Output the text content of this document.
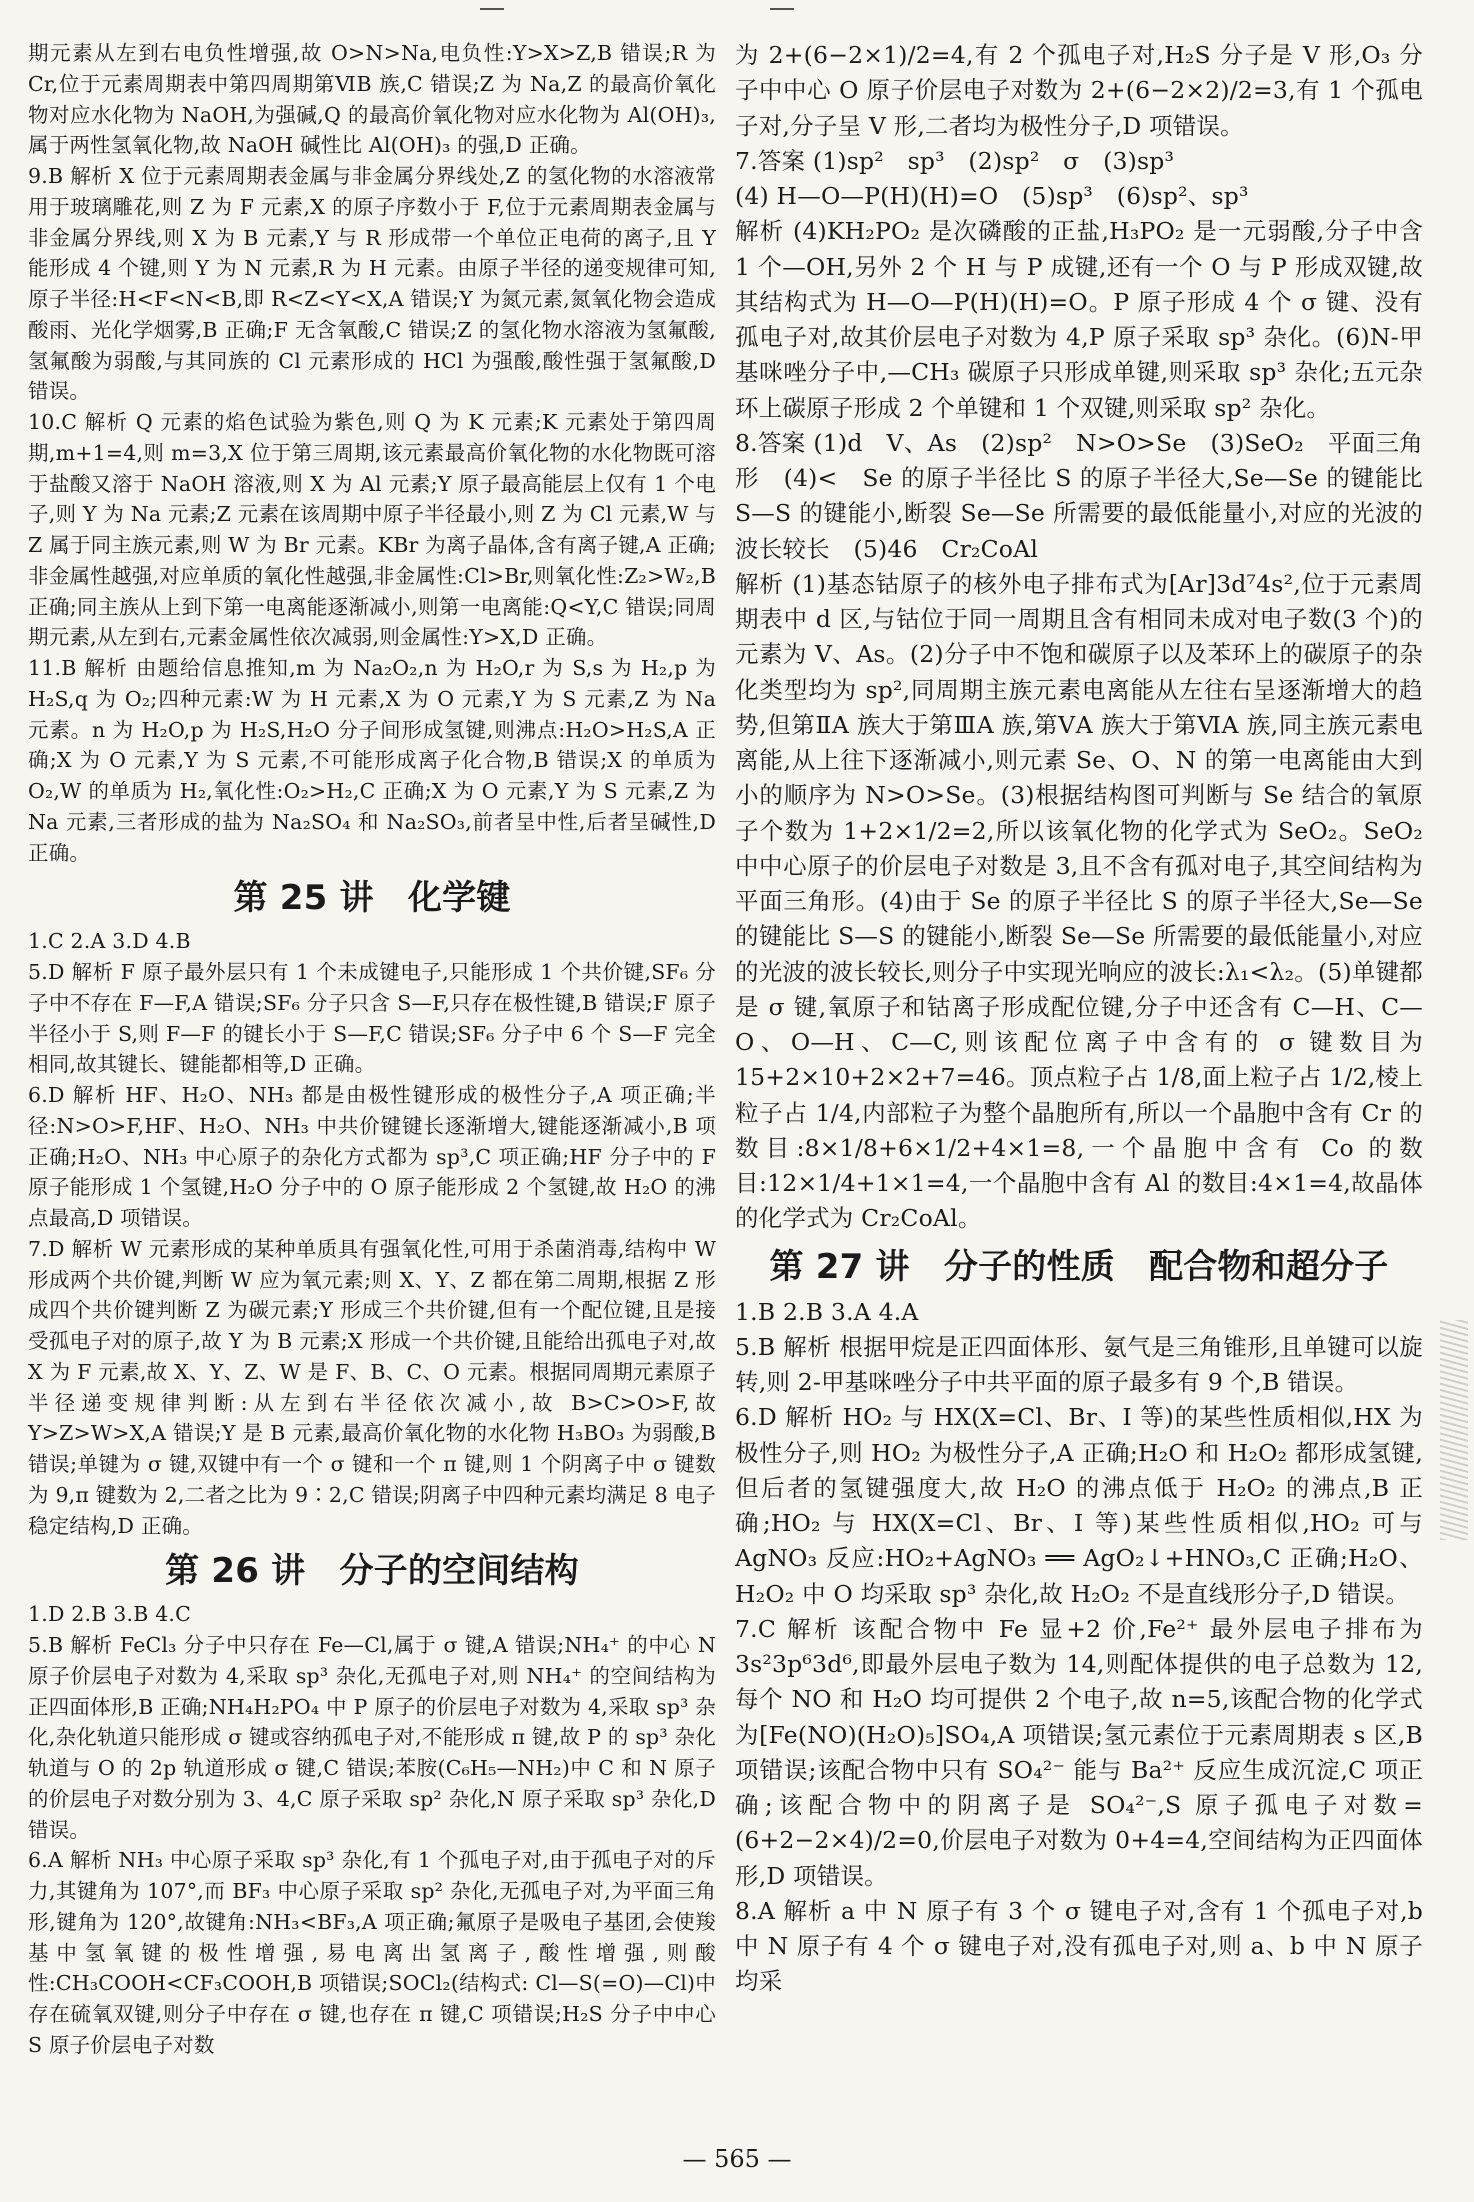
期元素从左到右电负性增强,故 O>N>Na,电负性:Y>X>Z,B 错误;R 为 Cr,位于元素周期表中第四周期第ⅥB 族,C 错误;Z 为 Na,Z 的最高价氧化物对应水化物为 NaOH,为强碱,Q 的最高价氧化物对应水化物为 Al(OH)₃,属于两性氢氧化物,故 NaOH 碱性比 Al(OH)₃ 的强,D 正确。

9.B 解析 X 位于元素周期表金属与非金属分界线处,Z 的氢化物的水溶液常用于玻璃雕花,则 Z 为 F 元素,X 的原子序数小于 F,位于元素周期表金属与非金属分界线,则 X 为 B 元素,Y 与 R 形成带一个单位正电荷的离子,且 Y 能形成 4 个键,则 Y 为 N 元素,R 为 H 元素。由原子半径的递变规律可知,原子半径:H<F<N<B,即 R<Z<Y<X,A 错误;Y 为氮元素,氮氧化物会造成酸雨、光化学烟雾,B 正确;F 无含氧酸,C 错误;Z 的氢化物水溶液为氢氟酸,氢氟酸为弱酸,与其同族的 Cl 元素形成的 HCl 为强酸,酸性强于氢氟酸,D 错误。

10.C 解析 Q 元素的焰色试验为紫色,则 Q 为 K 元素;K 元素处于第四周期,m+1=4,则 m=3,X 位于第三周期,该元素最高价氧化物的水化物既可溶于盐酸又溶于 NaOH 溶液,则 X 为 Al 元素;Y 原子最高能层上仅有 1 个电子,则 Y 为 Na 元素;Z 元素在该周期中原子半径最小,则 Z 为 Cl 元素,W 与 Z 属于同主族元素,则 W 为 Br 元素。KBr 为离子晶体,含有离子键,A 正确;非金属性越强,对应单质的氧化性越强,非金属性:Cl>Br,则氧化性:Z₂>W₂,B 正确;同主族从上到下第一电离能逐渐减小,则第一电离能:Q<Y,C 错误;同周期元素,从左到右,元素金属性依次减弱,则金属性:Y>X,D 正确。

11.B 解析 由题给信息推知,m 为 Na₂O₂,n 为 H₂O,r 为 S,s 为 H₂,p 为 H₂S,q 为 O₂;四种元素:W 为 H 元素,X 为 O 元素,Y 为 S 元素,Z 为 Na 元素。n 为 H₂O,p 为 H₂S,H₂O 分子间形成氢键,则沸点:H₂O>H₂S,A 正确;X 为 O 元素,Y 为 S 元素,不可能形成离子化合物,B 错误;X 的单质为 O₂,W 的单质为 H₂,氧化性:O₂>H₂,C 正确;X 为 O 元素,Y 为 S 元素,Z 为 Na 元素,三者形成的盐为 Na₂SO₄ 和 Na₂SO₃,前者呈中性,后者呈碱性,D 正确。

第 25 讲　化学键

1.C 2.A 3.D 4.B

5.D 解析 F 原子最外层只有 1 个未成键电子,只能形成 1 个共价键,SF₆ 分子中不存在 F—F,A 错误;SF₆ 分子只含 S—F,只存在极性键,B 错误;F 原子半径小于 S,则 F—F 的键长小于 S—F,C 错误;SF₆ 分子中 6 个 S—F 完全相同,故其键长、键能都相等,D 正确。

6.D 解析 HF、H₂O、NH₃ 都是由极性键形成的极性分子,A 项正确;半径:N>O>F,HF、H₂O、NH₃ 中共价键键长逐渐增大,键能逐渐减小,B 项正确;H₂O、NH₃ 中心原子的杂化方式都为 sp³,C 项正确;HF 分子中的 F 原子能形成 1 个氢键,H₂O 分子中的 O 原子能形成 2 个氢键,故 H₂O 的沸点最高,D 项错误。

7.D 解析 W 元素形成的某种单质具有强氧化性,可用于杀菌消毒,结构中 W 形成两个共价键,判断 W 应为氧元素;则 X、Y、Z 都在第二周期,根据 Z 形成四个共价键判断 Z 为碳元素;Y 形成三个共价键,但有一个配位键,且是接受孤电子对的原子,故 Y 为 B 元素;X 形成一个共价键,且能给出孤电子对,故 X 为 F 元素,故 X、Y、Z、W 是 F、B、C、O 元素。根据同周期元素原子半径递变规律判断:从左到右半径依次减小,故 B>C>O>F,故 Y>Z>W>X,A 错误;Y 是 B 元素,最高价氧化物的水化物 H₃BO₃ 为弱酸,B 错误;单键为 σ 键,双键中有一个 σ 键和一个 π 键,则 1 个阴离子中 σ 键数为 9,π 键数为 2,二者之比为 9∶2,C 错误;阴离子中四种元素均满足 8 电子稳定结构,D 正确。

第 26 讲　分子的空间结构

1.D 2.B 3.B 4.C

5.B 解析 FeCl₃ 分子中只存在 Fe—Cl,属于 σ 键,A 错误;NH₄⁺ 的中心 N 原子价层电子对数为 4,采取 sp³ 杂化,无孤电子对,则 NH₄⁺ 的空间结构为正四面体形,B 正确;NH₄H₂PO₄ 中 P 原子的价层电子对数为 4,采取 sp³ 杂化,杂化轨道只能形成 σ 键或容纳孤电子对,不能形成 π 键,故 P 的 sp³ 杂化轨道与 O 的 2p 轨道形成 σ 键,C 错误;苯胺(C₆H₅—NH₂)中 C 和 N 原子的价层电子对数分别为 3、4,C 原子采取 sp² 杂化,N 原子采取 sp³ 杂化,D 错误。

6.A 解析 NH₃ 中心原子采取 sp³ 杂化,有 1 个孤电子对,由于孤电子对的斥力,其键角为 107°,而 BF₃ 中心原子采取 sp² 杂化,无孤电子对,为平面三角形,键角为 120°,故键角:NH₃<BF₃,A 项正确;氟原子是吸电子基团,会使羧基中氢氧键的极性增强,易电离出氢离子,酸性增强,则酸性:CH₃COOH<CF₃COOH,B 项错误;SOCl₂(结构式: Cl—S(=O)—Cl)中存在硫氧双键,则分子中存在 σ 键,也存在 π 键,C 项错误;H₂S 分子中中心 S 原子价层电子对数

为 2+(6−2×1)/2=4,有 2 个孤电子对,H₂S 分子是 V 形,O₃ 分子中中心 O 原子价层电子对数为 2+(6−2×2)/2=3,有 1 个孤电子对,分子呈 V 形,二者均为极性分子,D 项错误。

7.答案 (1)sp²　sp³　(2)sp²　σ　(3)sp³

(4) H—O—P(H)(H)=O　(5)sp³　(6)sp²、sp³

解析 (4)KH₂PO₂ 是次磷酸的正盐,H₃PO₂ 是一元弱酸,分子中含 1 个—OH,另外 2 个 H 与 P 成键,还有一个 O 与 P 形成双键,故其结构式为 H—O—P(H)(H)=O。P 原子形成 4 个 σ 键、没有孤电子对,故其价层电子对数为 4,P 原子采取 sp³ 杂化。(6)N-甲基咪唑分子中,—CH₃ 碳原子只形成单键,则采取 sp³ 杂化;五元杂环上碳原子形成 2 个单键和 1 个双键,则采取 sp² 杂化。

8.答案 (1)d　V、As　(2)sp²　N>O>Se　(3)SeO₂　平面三角形　(4)<　Se 的原子半径比 S 的原子半径大,Se—Se 的键能比 S—S 的键能小,断裂 Se—Se 所需要的最低能量小,对应的光波的波长较长　(5)46　Cr₂CoAl

解析 (1)基态钴原子的核外电子排布式为[Ar]3d⁷4s²,位于元素周期表中 d 区,与钴位于同一周期且含有相同未成对电子数(3 个)的元素为 V、As。(2)分子中不饱和碳原子以及苯环上的碳原子的杂化类型均为 sp²,同周期主族元素电离能从左往右呈逐渐增大的趋势,但第ⅡA 族大于第ⅢA 族,第ⅤA 族大于第ⅥA 族,同主族元素电离能,从上往下逐渐减小,则元素 Se、O、N 的第一电离能由大到小的顺序为 N>O>Se。(3)根据结构图可判断与 Se 结合的氧原子个数为 1+2×1/2=2,所以该氧化物的化学式为 SeO₂。SeO₂ 中中心原子的价层电子对数是 3,且不含有孤对电子,其空间结构为平面三角形。(4)由于 Se 的原子半径比 S 的原子半径大,Se—Se 的键能比 S—S 的键能小,断裂 Se—Se 所需要的最低能量小,对应的光波的波长较长,则分子中实现光响应的波长:λ₁<λ₂。(5)单键都是 σ 键,氧原子和钴离子形成配位键,分子中还含有 C—H、C—O、O—H、C—C,则该配位离子中含有的 σ 键数目为 15+2×10+2×2+7=46。顶点粒子占 1/8,面上粒子占 1/2,棱上粒子占 1/4,内部粒子为整个晶胞所有,所以一个晶胞中含有 Cr 的数目:8×1/8+6×1/2+4×1=8,一个晶胞中含有 Co 的数目:12×1/4+1×1=4,一个晶胞中含有 Al 的数目:4×1=4,故晶体的化学式为 Cr₂CoAl。

第 27 讲　分子的性质　配合物和超分子

1.B 2.B 3.A 4.A

5.B 解析 根据甲烷是正四面体形、氨气是三角锥形,且单键可以旋转,则 2-甲基咪唑分子中共平面的原子最多有 9 个,B 错误。

6.D 解析 HO₂ 与 HX(X=Cl、Br、I 等)的某些性质相似,HX 为极性分子,则 HO₂ 为极性分子,A 正确;H₂O 和 H₂O₂ 都形成氢键,但后者的氢键强度大,故 H₂O 的沸点低于 H₂O₂ 的沸点,B 正确;HO₂ 与 HX(X=Cl、Br、I 等)某些性质相似,HO₂ 可与 AgNO₃ 反应:HO₂+AgNO₃ ══ AgO₂↓+HNO₃,C 正确;H₂O、H₂O₂ 中 O 均采取 sp³ 杂化,故 H₂O₂ 不是直线形分子,D 错误。

7.C 解析 该配合物中 Fe 显+2 价,Fe²⁺ 最外层电子排布为 3s²3p⁶3d⁶,即最外层电子数为 14,则配体提供的电子总数为 12,每个 NO 和 H₂O 均可提供 2 个电子,故 n=5,该配合物的化学式为[Fe(NO)(H₂O)₅]SO₄,A 项错误;氢元素位于元素周期表 s 区,B 项错误;该配合物中只有 SO₄²⁻ 能与 Ba²⁺ 反应生成沉淀,C 项正确;该配合物中的阴离子是 SO₄²⁻,S 原子孤电子对数=(6+2−2×4)/2=0,价层电子对数为 0+4=4,空间结构为正四面体形,D 项错误。

8.A 解析 a 中 N 原子有 3 个 σ 键电子对,含有 1 个孤电子对,b 中 N 原子有 4 个 σ 键电子对,没有孤电子对,则 a、b 中 N 原子均采

— 565 —
